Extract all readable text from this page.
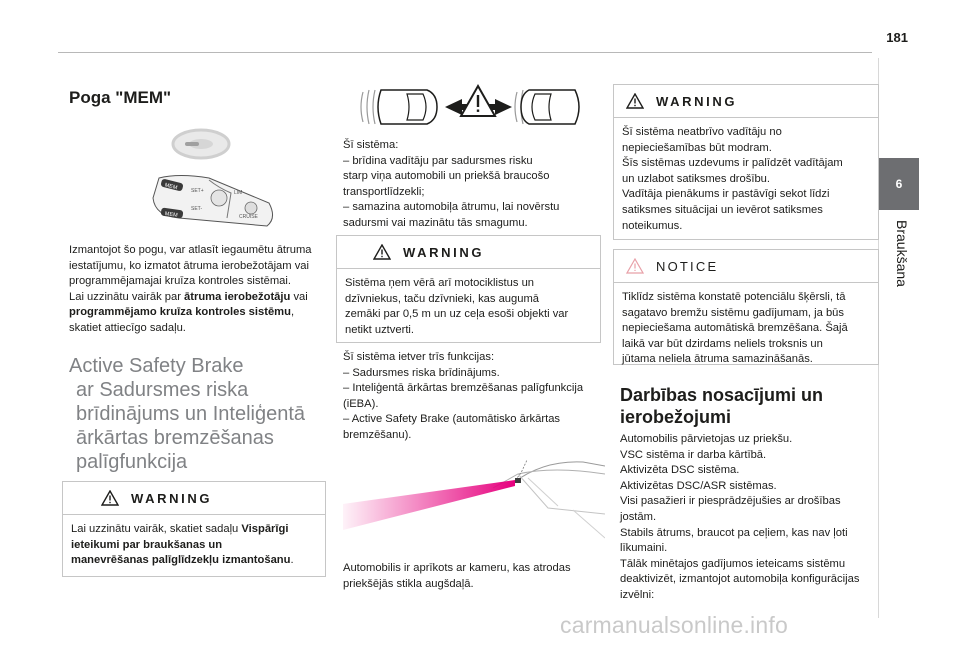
181
6
Braukšana
Poga "MEM"
MEM
MEM
SET+
SET-
LIM
CRUISE
Izmantojot šo pogu, var atlasīt iegaumētu ātruma
iestatījumu, ko izmatot ātruma ierobežotājam vai
programmējamajai kruīza kontroles sistēmai.
Lai uzzinātu vairāk par ātruma ierobežotāju vai
programmējamo kruīza kontroles sistēmu,
skatiet attiecīgo sadaļu.
Active Safety Brake
ar Sadursmes riska
brīdinājums un Inteliģentā
ārkārtas bremzēšanas
palīgfunkcija
WARNING
Lai uzzinātu vairāk, skatiet sadaļu Vispārīgi
ieteikumi par braukšanas un
manevrēšanas palīglīdzekļu izmantošanu.
Šī sistēma:
– brīdina vadītāju par sadursmes risku
starp viņa automobili un priekšā braucošo
transportlīdzekli;
– samazina automobiļa ātrumu, lai novērstu
sadursmi vai mazinātu tās smagumu.
WARNING
Sistēma ņem vērā arī motociklistus un
dzīvniekus, taču dzīvnieki, kas augumā
zemāki par 0,5 m un uz ceļa esoši objekti var
netikt uztverti.
Šī sistēma ietver trīs funkcijas:
– Sadursmes riska brīdinājums.
– Inteliģentā ārkārtas bremzēšanas palīgfunkcija
(iEBA).
– Active Safety Brake (automātisko ārkārtas
bremzēšanu).
Automobilis ir aprīkots ar kameru, kas atrodas
priekšējās stikla augšdaļā.
WARNING
Šī sistēma neatbrīvo vadītāju no
nepieciešamības būt modram.
Šīs sistēmas uzdevums ir palīdzēt vadītājam
un uzlabot satiksmes drošību.
Vadītāja pienākums ir pastāvīgi sekot līdzi
satiksmes situācijai un ievērot satiksmes
noteikumus.
NOTICE
Tiklīdz sistēma konstatē potenciālu šķērsli, tā
sagatavo bremžu sistēmu gadījumam, ja būs
nepieciešama automātiskā bremzēšana. Šajā
laikā var būt dzirdams neliels troksnis un
jūtama neliela ātruma samazināšanās.
Darbības nosacījumi un
ierobežojumi
Automobilis pārvietojas uz priekšu.
VSC sistēma ir darba kārtībā.
Aktivizēta DSC sistēma.
Aktivizētas DSC/ASR sistēmas.
Visi pasažieri ir piesprādzējušies ar drošības
jostām.
Stabils ātrums, braucot pa ceļiem, kas nav ļoti
līkumaini.
Tālāk minētajos gadījumos ieteicams sistēmu
deaktivizēt, izmantojot automobiļa konfigurācijas
izvēlni:
carmanualsonline.info
